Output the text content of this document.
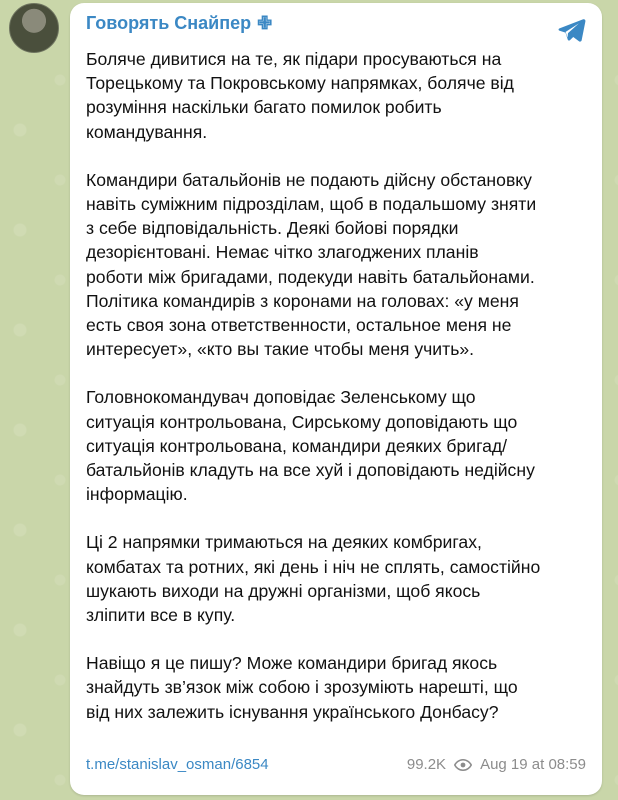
Говорять Снайпер ✙

Боляче дивитися на те, як підари просуваються на
Торецькому та Покровському напрямках, боляче від
розуміння наскільки багато помилок робить
командування.

Командири батальйонів не подають дійсну обстановку
навіть суміжним підрозділам, щоб в подальшому зняти
з себе відповідальність. Деякі бойові порядки
дезорієнтовані. Немає чітко злагоджених планів
роботи між бригадами, подекуди навіть батальйонами.
Політика командирів з коронами на головах: «у меня
есть своя зона ответственности, остальное меня не
интересует», «кто вы такие чтобы меня учить».

Головнокомандувач доповідає Зеленському що
ситуація контрольована, Сирському доповідають що
ситуація контрольована, командири деяких бригад/
батальйонів кладуть на все хуй і доповідають недійсну
інформацію.

Ці 2 напрямки тримаються на деяких комбригах,
комбатах та ротних, які день і ніч не сплять, самостійно
шукають виходи на дружні організми, щоб якось
зліпити все в купу.

Навіщо я це пишу? Може командири бригад якось
знайдуть зв’язок між собою і зрозуміють нарешті, що
від них залежить існування українського Донбасу?

t.me/stanislav_osman/6854	99.2K Aug 19 at 08:59
